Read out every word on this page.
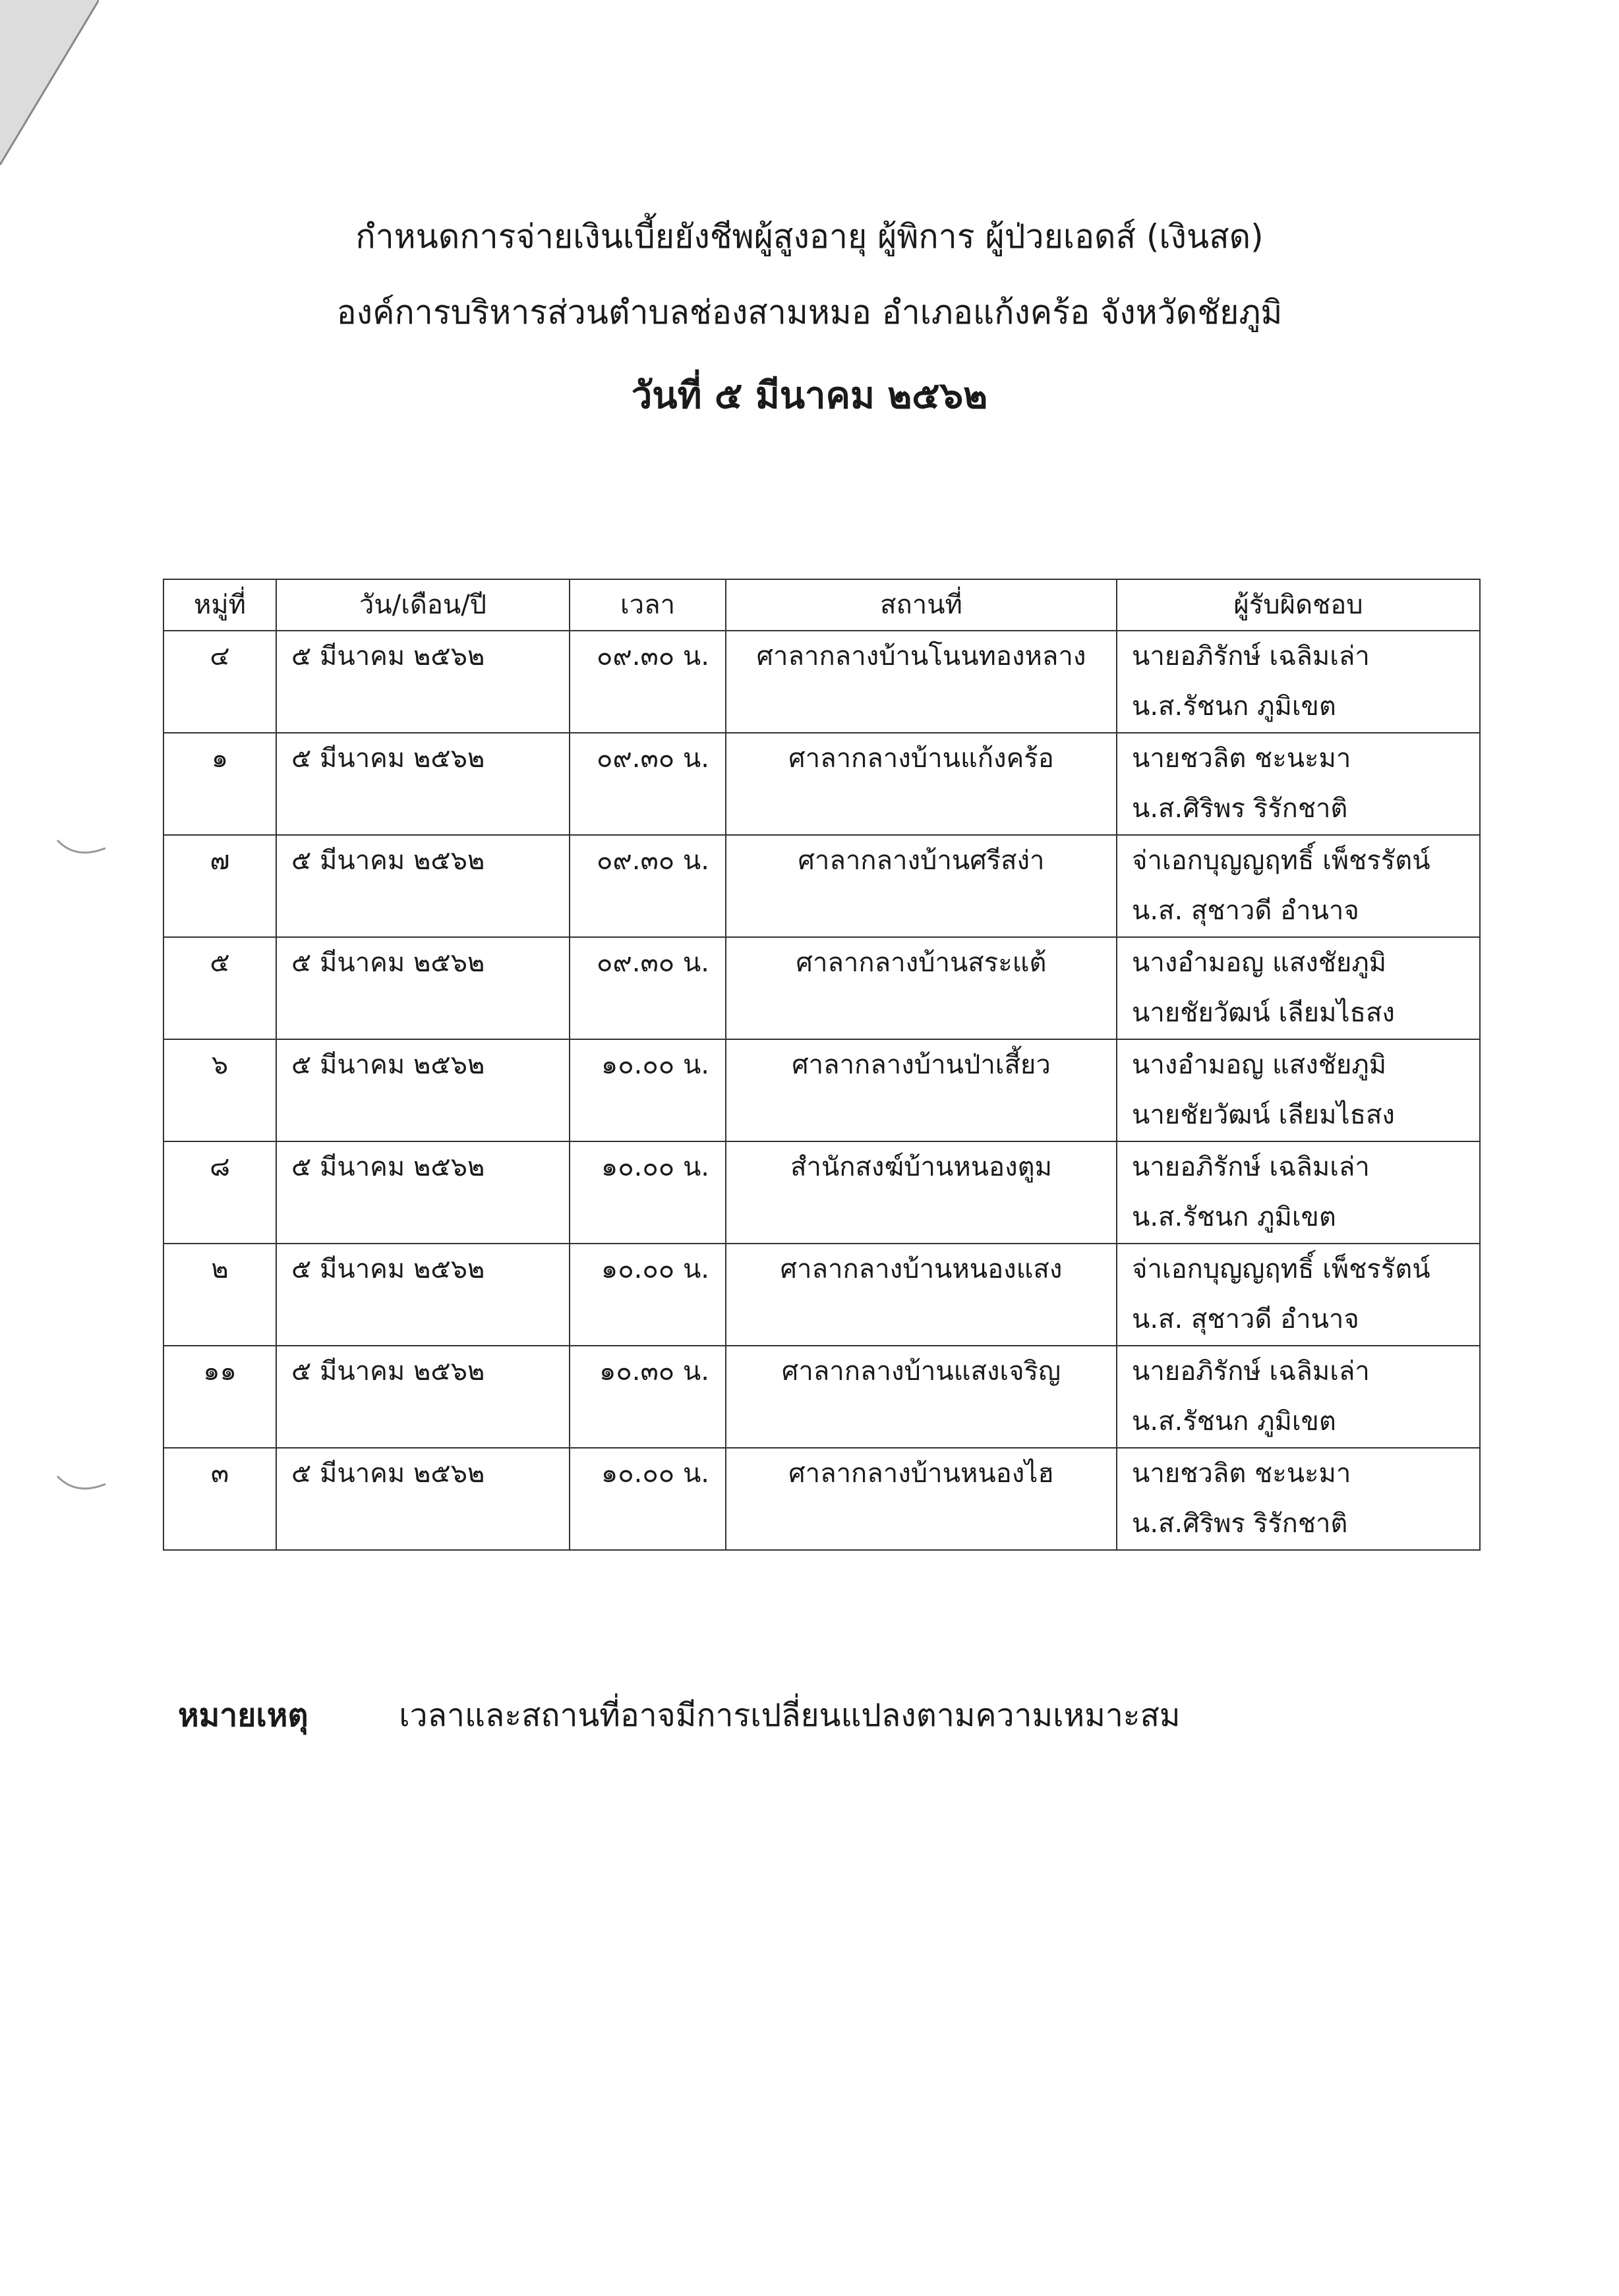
กำหนดการจ่ายเงินเบี้ยยังชีพผู้สูงอายุ ผู้พิการ ผู้ป่วยเอดส์ (เงินสด)
องค์การบริหารส่วนตำบลช่องสามหมอ อำเภอแก้งคร้อ จังหวัดชัยภูมิ
วันที่ ๕ มีนาคม ๒๕๖๒
หมู่ที่	วัน/เดือน/ปี	เวลา	สถานที่	ผู้รับผิดชอบ
๔	๕ มีนาคม ๒๕๖๒	๐๙.๓๐ น.	ศาลากลางบ้านโนนทองหลาง	นายอภิรักษ์ เฉลิมเล่า
น.ส.รัชนก ภูมิเขต

๑	๕ มีนาคม ๒๕๖๒	๐๙.๓๐ น.	ศาลากลางบ้านแก้งคร้อ	นายชวลิต ชะนะมา
น.ส.ศิริพร ริรักชาติ

๗	๕ มีนาคม ๒๕๖๒	๐๙.๓๐ น.	ศาลากลางบ้านศรีสง่า	จ่าเอกบุญญฤทธิ์ เพ็ชรรัตน์
น.ส. สุชาวดี อำนาจ

๕	๕ มีนาคม ๒๕๖๒	๐๙.๓๐ น.	ศาลากลางบ้านสระแต้	นางอำมอญ แสงชัยภูมิ
นายชัยวัฒน์ เลียมไธสง

๖	๕ มีนาคม ๒๕๖๒	๑๐.๐๐ น.	ศาลากลางบ้านป่าเสี้ยว	นางอำมอญ แสงชัยภูมิ
นายชัยวัฒน์ เลียมไธสง

๘	๕ มีนาคม ๒๕๖๒	๑๐.๐๐ น.	สำนักสงฆ์บ้านหนองตูม	นายอภิรักษ์ เฉลิมเล่า
น.ส.รัชนก ภูมิเขต

๒	๕ มีนาคม ๒๕๖๒	๑๐.๐๐ น.	ศาลากลางบ้านหนองแสง	จ่าเอกบุญญฤทธิ์ เพ็ชรรัตน์
น.ส. สุชาวดี อำนาจ

๑๑	๕ มีนาคม ๒๕๖๒	๑๐.๓๐ น.	ศาลากลางบ้านแสงเจริญ	นายอภิรักษ์ เฉลิมเล่า
น.ส.รัชนก ภูมิเขต

๓	๕ มีนาคม ๒๕๖๒	๑๐.๐๐ น.	ศาลากลางบ้านหนองไฮ	นายชวลิต ชะนะมา
น.ส.ศิริพร ริรักชาติ
หมายเหตุ	เวลาและสถานที่อาจมีการเปลี่ยนแปลงตามความเหมาะสม
